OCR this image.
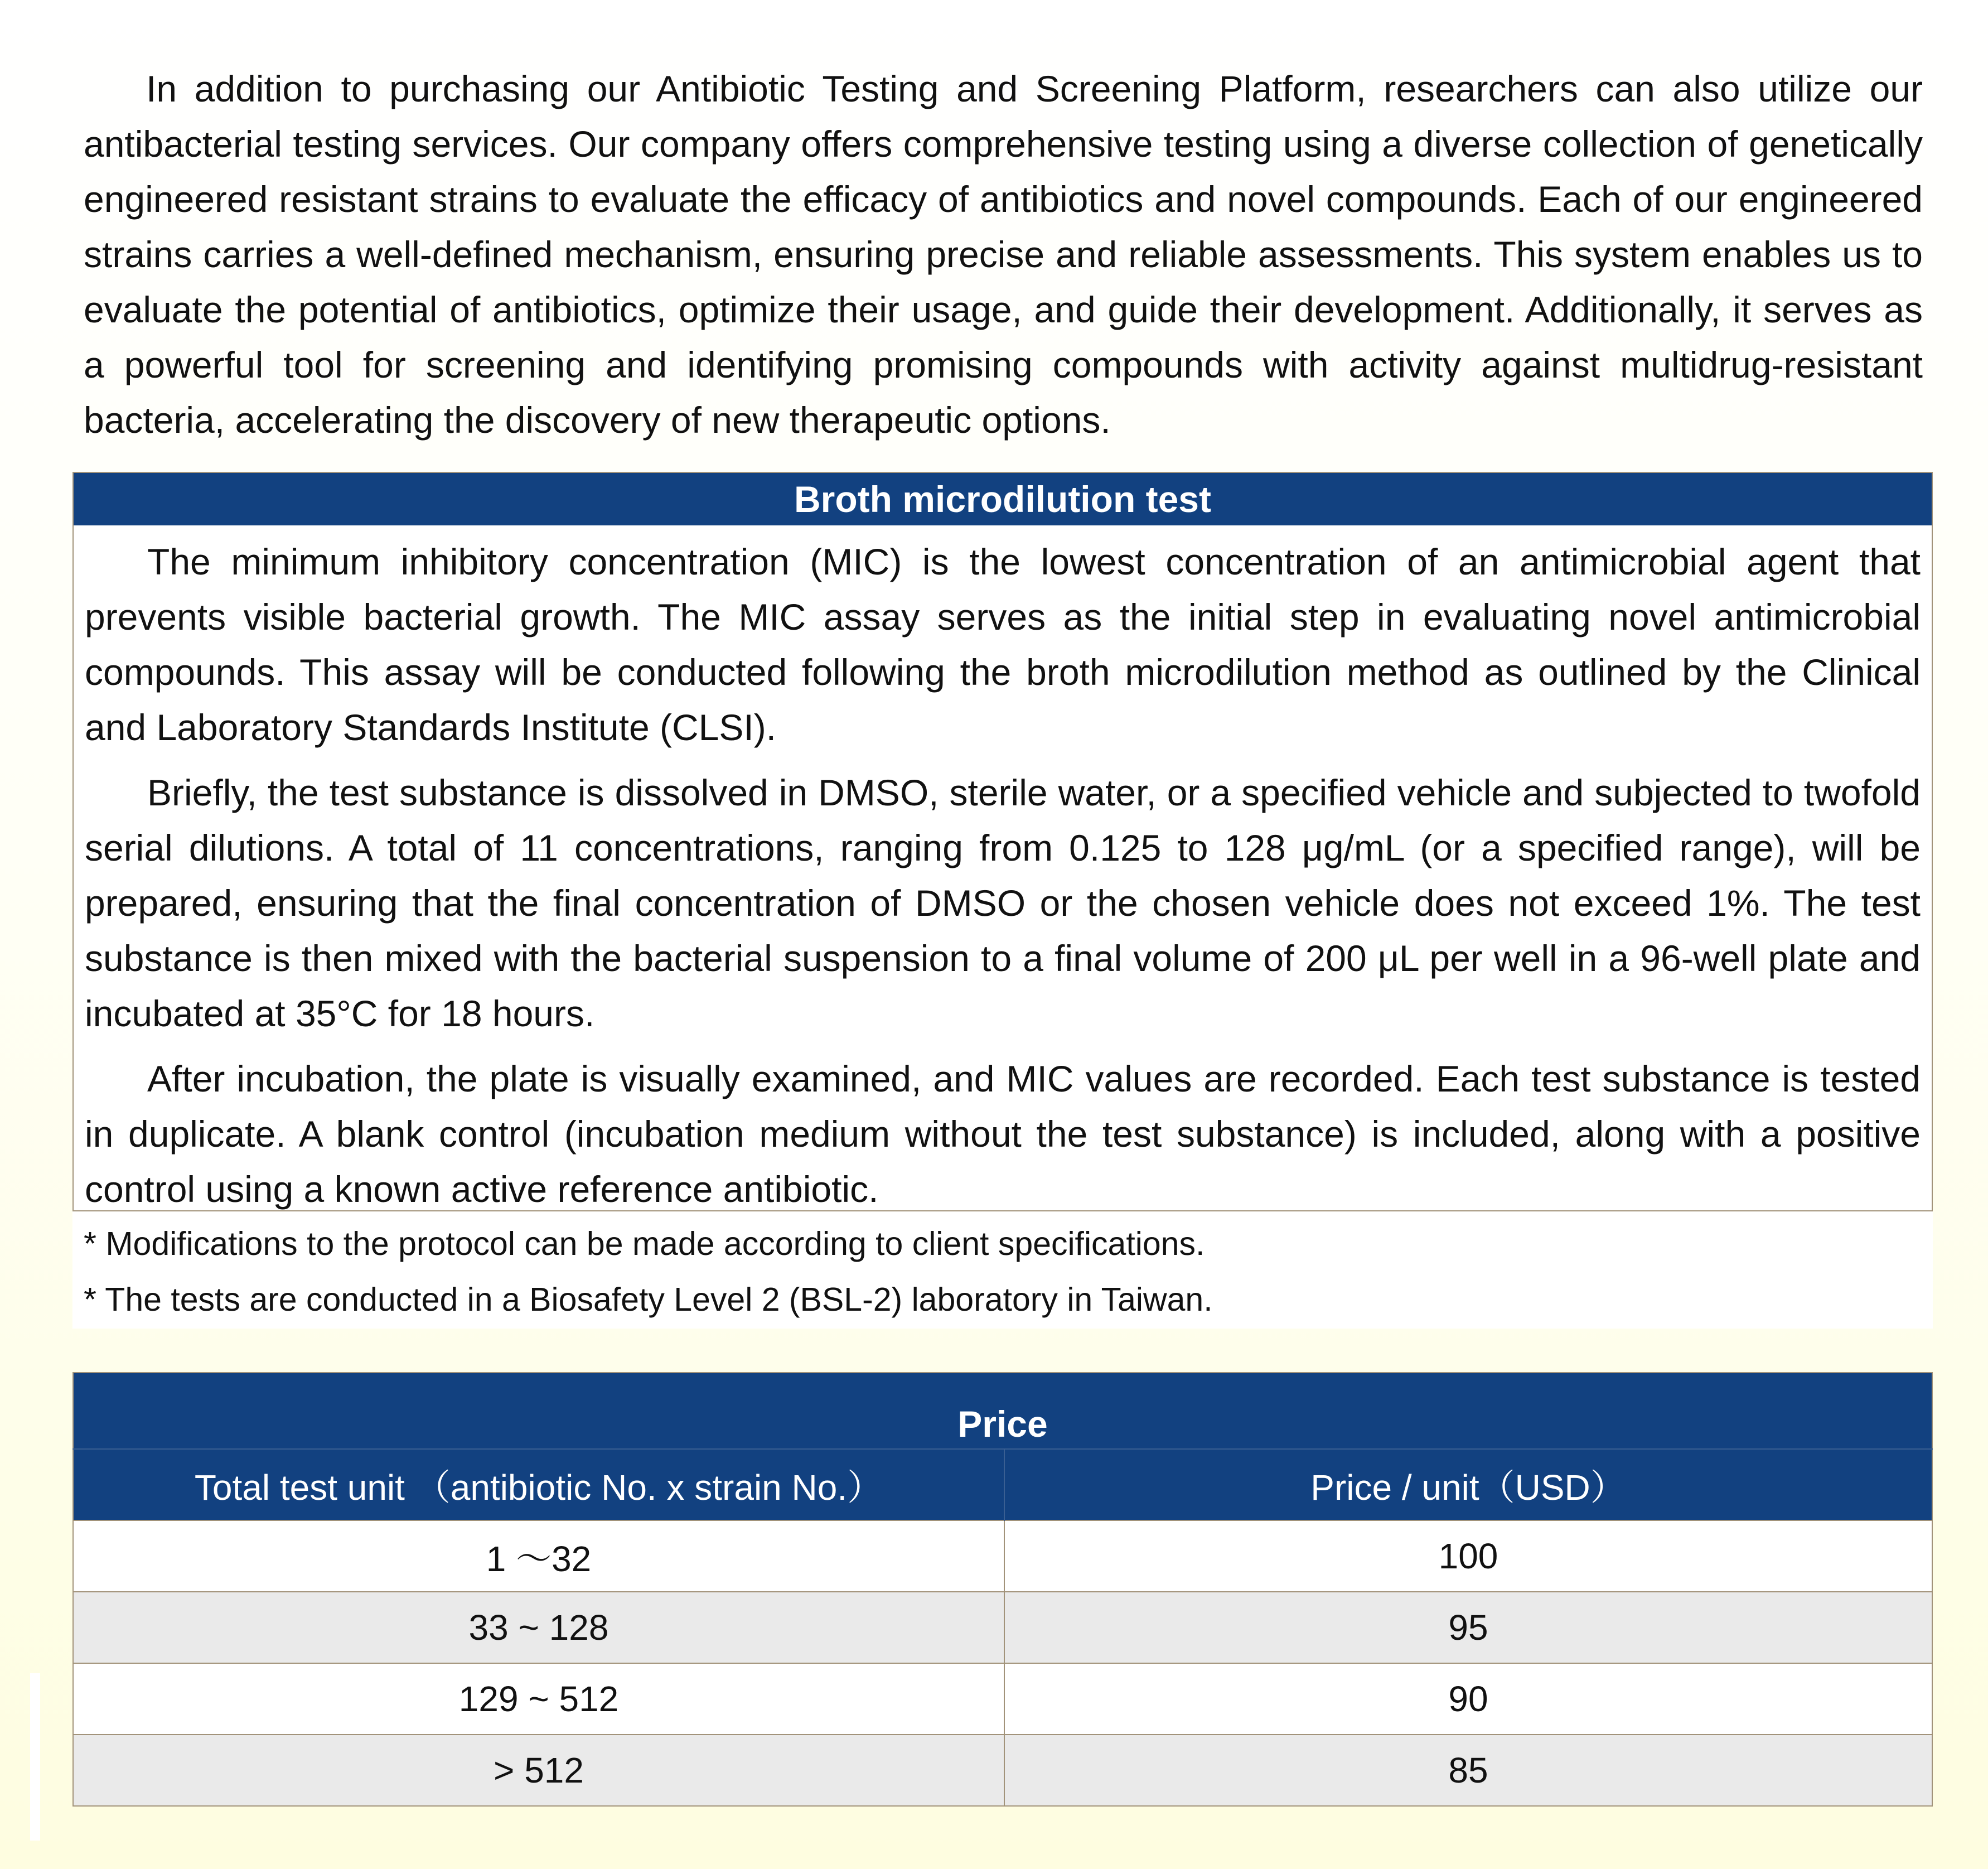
In addition to purchasing our Antibiotic Testing and Screening Platform, researchers can also utilize our antibacterial testing services. Our company offers comprehensive testing using a diverse collection of genetically engineered resistant strains to evaluate the efficacy of antibiotics and novel compounds. Each of our engineered strains carries a well-defined mechanism, ensuring precise and reliable assessments. This system enables us to evaluate the potential of antibiotics, optimize their usage, and guide their development. Additionally, it serves as a powerful tool for screening and identifying promising compounds with activity against multidrug-resistant bacteria, accelerating the discovery of new therapeutic options.

Broth microdilution test

The minimum inhibitory concentration (MIC) is the lowest concentration of an antimicrobial agent that prevents visible bacterial growth. The MIC assay serves as the initial step in evaluating novel antimicrobial compounds. This assay will be conducted following the broth microdilution method as outlined by the Clinical and Laboratory Standards Institute (CLSI).

Briefly, the test substance is dissolved in DMSO, sterile water, or a specified vehicle and subjected to twofold serial dilutions. A total of 11 concentrations, ranging from 0.125 to 128 μg/mL (or a specified range), will be prepared, ensuring that the final concentration of DMSO or the chosen vehicle does not exceed 1%. The test substance is then mixed with the bacterial suspension to a final volume of 200 μL per well in a 96-well plate and incubated at 35°C for 18 hours.

After incubation, the plate is visually examined, and MIC values are recorded. Each test substance is tested in duplicate. A blank control (incubation medium without the test substance) is included, along with a positive control using a known active reference antibiotic.

* Modifications to the protocol can be made according to client specifications.
* The tests are conducted in a Biosafety Level 2 (BSL-2) laboratory in Taiwan.
Price	
Total test unit （antibiotic No. x strain No.）	Price / unit（USD）
1 ～32	100
33 ~ 128	95
129 ~ 512	90
> 512	85
